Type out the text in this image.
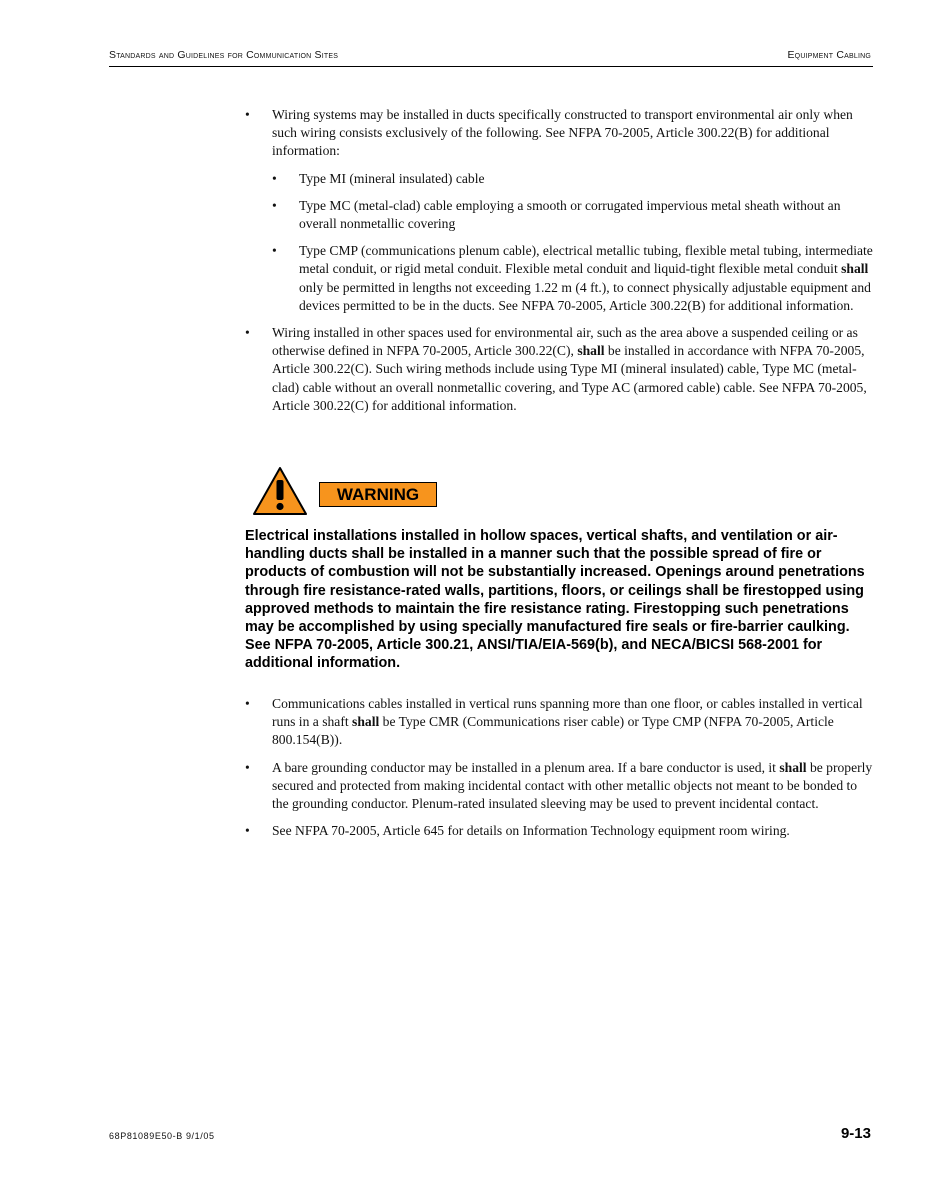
Standards and Guidelines for Communication Sites	Equipment Cabling
• Wiring systems may be installed in ducts specifically constructed to transport environmental air only when such wiring consists exclusively of the following. See NFPA 70-2005, Article 300.22(B) for additional information:
• Type MI (mineral insulated) cable
• Type MC (metal-clad) cable employing a smooth or corrugated impervious metal sheath without an overall nonmetallic covering
• Type CMP (communications plenum cable), electrical metallic tubing, flexible metal tubing, intermediate metal conduit, or rigid metal conduit. Flexible metal conduit and liquid-tight flexible metal conduit shall only be permitted in lengths not exceeding 1.22 m (4 ft.), to connect physically adjustable equipment and devices permitted to be in the ducts. See NFPA 70-2005, Article 300.22(B) for additional information.
• Wiring installed in other spaces used for environmental air, such as the area above a suspended ceiling or as otherwise defined in NFPA 70-2005, Article 300.22(C), shall be installed in accordance with NFPA 70-2005, Article 300.22(C). Such wiring methods include using Type MI (mineral insulated) cable, Type MC (metal-clad) cable without an overall nonmetallic covering, and Type AC (armored cable) cable. See NFPA 70-2005, Article 300.22(C) for additional information.
WARNING
Electrical installations installed in hollow spaces, vertical shafts, and ventilation or air-handling ducts shall be installed in a manner such that the possible spread of fire or products of combustion will not be substantially increased. Openings around penetrations through fire resistance-rated walls, partitions, floors, or ceilings shall be firestopped using approved methods to maintain the fire resistance rating. Firestopping such penetrations may be accomplished by using specially manufactured fire seals or fire-barrier caulking. See NFPA 70-2005, Article 300.21, ANSI/TIA/EIA-569(b), and NECA/BICSI 568-2001 for additional information.
• Communications cables installed in vertical runs spanning more than one floor, or cables installed in vertical runs in a shaft shall be Type CMR (Communications riser cable) or Type CMP (NFPA 70-2005, Article 800.154(B)).
• A bare grounding conductor may be installed in a plenum area. If a bare conductor is used, it shall be properly secured and protected from making incidental contact with other metallic objects not meant to be bonded to the grounding conductor. Plenum-rated insulated sleeving may be used to prevent incidental contact.
• See NFPA 70-2005, Article 645 for details on Information Technology equipment room wiring.
68P81089E50-B 9/1/05	9-13
